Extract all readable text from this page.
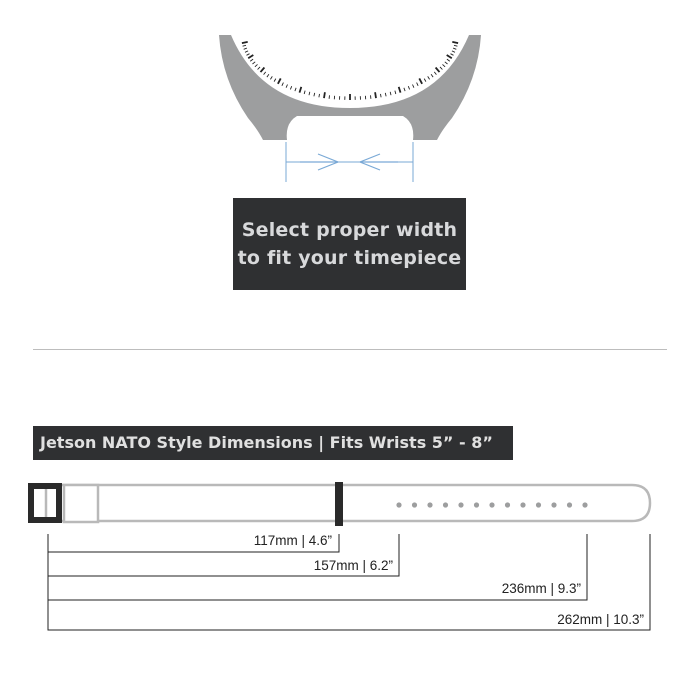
Select proper width
to fit your timepiece
Jetson NATO Style Dimensions | Fits Wrists 5” - 8”
117mm | 4.6”
157mm | 6.2”
236mm | 9.3”
262mm | 10.3”
